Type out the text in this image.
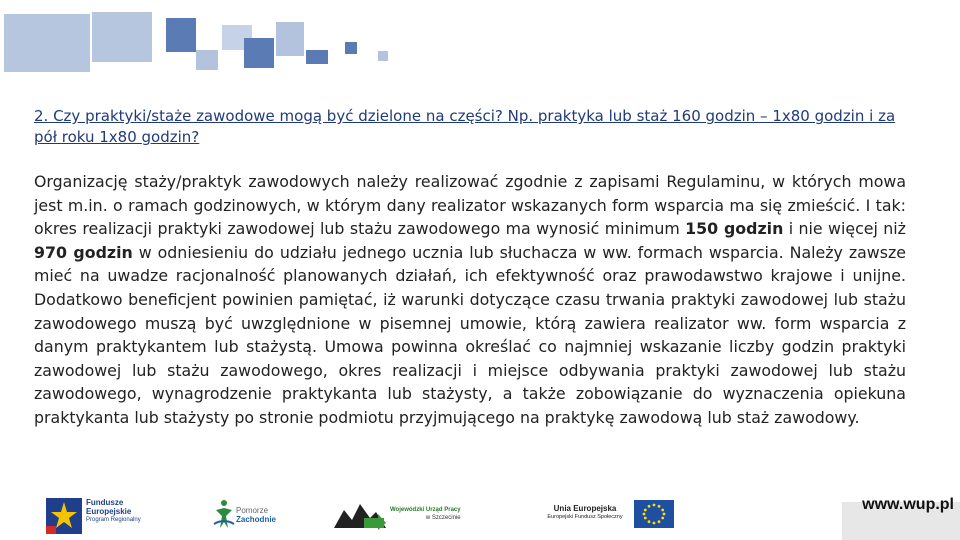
2. Czy praktyki/staże zawodowe mogą być dzielone na części? Np. praktyka lub staż 160 godzin – 1x80 godzin i za pół roku 1x80 godzin?
Organizację staży/praktyk zawodowych należy realizować zgodnie z zapisami Regulaminu, w których mowa jest m.in. o ramach godzinowych, w którym dany realizator wskazanych form wsparcia ma się zmieścić. I tak: okres realizacji praktyki zawodowej lub stażu zawodowego ma wynosić minimum 150 godzin i nie więcej niż 970 godzin w odniesieniu do udziału jednego ucznia lub słuchacza w ww. formach wsparcia. Należy zawsze mieć na uwadze racjonalność planowanych działań, ich efektywność oraz prawodawstwo krajowe i unijne. Dodatkowo beneficjent powinien pamiętać, iż warunki dotyczące czasu trwania praktyki zawodowej lub stażu zawodowego muszą być uwzględnione w pisemnej umowie, którą zawiera realizator ww. form wsparcia z danym praktykantem lub stażystą. Umowa powinna określać co najmniej wskazanie liczby godzin praktyki zawodowej lub stażu zawodowego, okres realizacji i miejsce odbywania praktyki zawodowej lub stażu zawodowego, wynagrodzenie praktykanta lub stażysty, a także zobowiązanie do wyznaczenia opiekuna praktykanta lub stażysty po stronie podmiotu przyjmującego na praktykę zawodową lub staż zawodowy.
Fundusze
Europejskie
Program Regionalny
Pomorze
Zachodnie
Wojewódzki Urząd Pracy
w Szczecinie
Unia Europejska
Europejski Fundusz Społeczny
www.wup.pl
